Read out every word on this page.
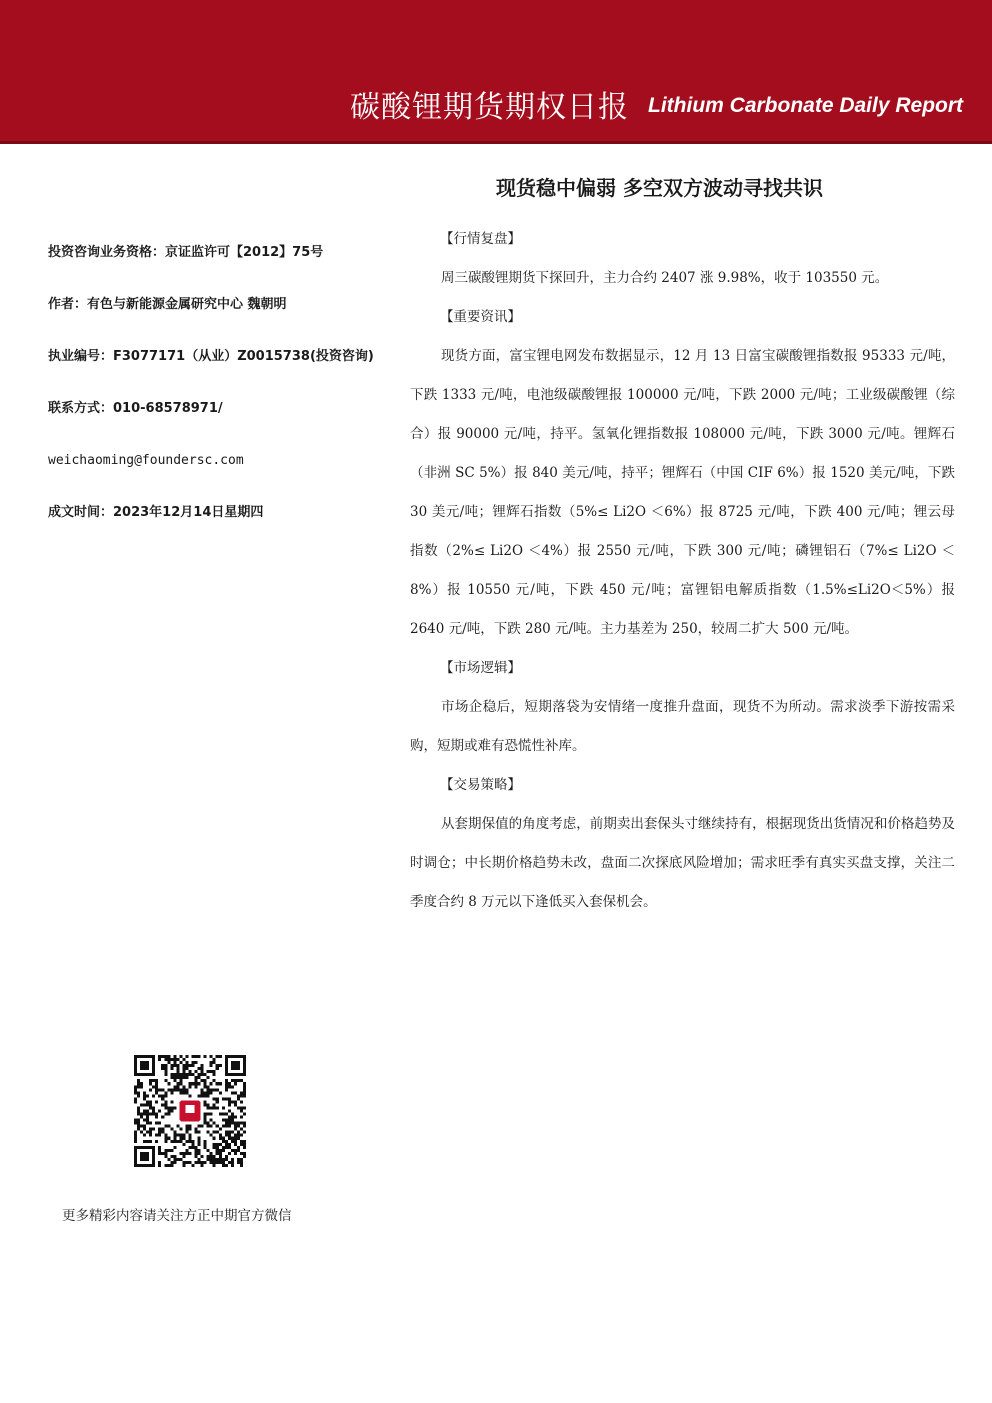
碳酸锂期货期权日报 Lithium Carbonate Daily Report
现货稳中偏弱 多空双方波动寻找共识
投资咨询业务资格：京证监许可【2012】75号
作者：有色与新能源金属研究中心 魏朝明
执业编号：F3077171（从业）Z0015738(投资咨询)
联系方式：010-68578971/
weichaoming@foundersc.com
成文时间：2023年12月14日星期四

【行情复盘】

周三碳酸锂期货下探回升，主力合约 2407 涨 9.98%，收于 103550 元。

【重要资讯】

现货方面，富宝锂电网发布数据显示，12 月 13 日富宝碳酸锂指数报 95333 元/吨，下跌 1333 元/吨，电池级碳酸锂报 100000 元/吨，下跌 2000 元/吨；工业级碳酸锂（综合）报 90000 元/吨，持平。氢氧化锂指数报 108000 元/吨，下跌 3000 元/吨。锂辉石（非洲 SC 5%）报 840 美元/吨，持平；锂辉石（中国 CIF 6%）报 1520 美元/吨，下跌 30 美元/吨；锂辉石指数（5%≤ Li2O ＜6%）报 8725 元/吨，下跌 400 元/吨；锂云母指数（2%≤ Li2O ＜4%）报 2550 元/吨，下跌 300 元/吨；磷锂铝石（7%≤ Li2O ＜8%）报 10550 元/吨，下跌 450 元/吨；富锂铝电解质指数（1.5%≤Li2O＜5%）报 2640 元/吨，下跌 280 元/吨。主力基差为 250，较周二扩大 500 元/吨。

【市场逻辑】

市场企稳后，短期落袋为安情绪一度推升盘面，现货不为所动。需求淡季下游按需采购，短期或难有恐慌性补库。

【交易策略】

从套期保值的角度考虑，前期卖出套保头寸继续持有，根据现货出货情况和价格趋势及时调仓；中长期价格趋势未改，盘面二次探底风险增加；需求旺季有真实买盘支撑，关注二季度合约 8 万元以下逢低买入套保机会。

更多精彩内容请关注方正中期官方微信
